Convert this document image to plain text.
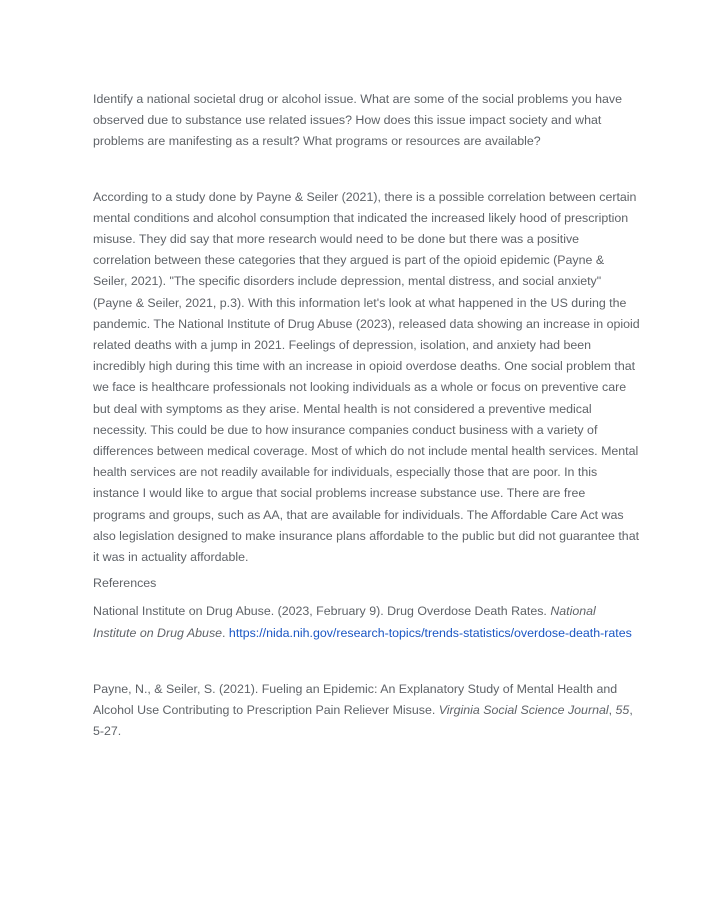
Identify a national societal drug or alcohol issue. What are some of the social problems you have observed due to substance use related issues? How does this issue impact society and what problems are manifesting as a result? What programs or resources are available?

According to a study done by Payne & Seiler (2021), there is a possible correlation between certain mental conditions and alcohol consumption that indicated the increased likely hood of prescription misuse. They did say that more research would need to be done but there was a positive correlation between these categories that they argued is part of the opioid epidemic (Payne & Seiler, 2021). "The specific disorders include depression, mental distress, and social anxiety" (Payne & Seiler, 2021, p.3). With this information let's look at what happened in the US during the pandemic. The National Institute of Drug Abuse (2023), released data showing an increase in opioid related deaths with a jump in 2021. Feelings of depression, isolation, and anxiety had been incredibly high during this time with an increase in opioid overdose deaths. One social problem that we face is healthcare professionals not looking individuals as a whole or focus on preventive care but deal with symptoms as they arise. Mental health is not considered a preventive medical necessity. This could be due to how insurance companies conduct business with a variety of differences between medical coverage. Most of which do not include mental health services. Mental health services are not readily available for individuals, especially those that are poor. In this instance I would like to argue that social problems increase substance use. There are free programs and groups, such as AA, that are available for individuals. The Affordable Care Act was also legislation designed to make insurance plans affordable to the public but did not guarantee that it was in actuality affordable.

References

National Institute on Drug Abuse. (2023, February 9). Drug Overdose Death Rates. National Institute on Drug Abuse. https://nida.nih.gov/research-topics/trends-statistics/overdose-death-rates

Payne, N., & Seiler, S. (2021). Fueling an Epidemic: An Explanatory Study of Mental Health and Alcohol Use Contributing to Prescription Pain Reliever Misuse. Virginia Social Science Journal, 55, 5-27.
